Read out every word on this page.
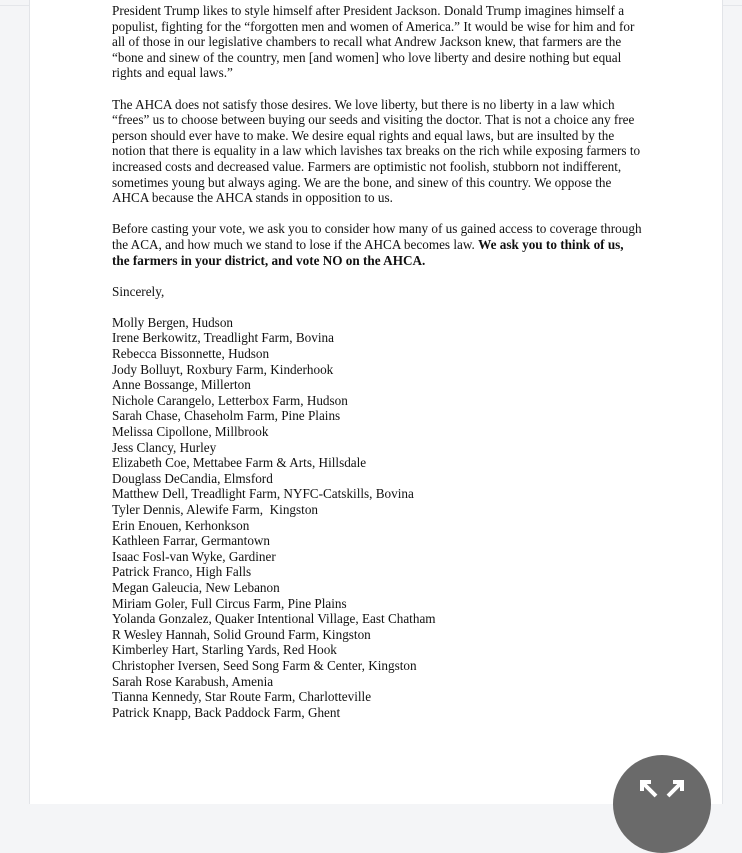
President Trump likes to style himself after President Jackson. Donald Trump imagines himself a populist, fighting for the “forgotten men and women of America.” It would be wise for him and for all of those in our legislative chambers to recall what Andrew Jackson knew, that farmers are the “bone and sinew of the country, men [and women] who love liberty and desire nothing but equal rights and equal laws.”

The AHCA does not satisfy those desires. We love liberty, but there is no liberty in a law which “frees” us to choose between buying our seeds and visiting the doctor. That is not a choice any free person should ever have to make. We desire equal rights and equal laws, but are insulted by the notion that there is equality in a law which lavishes tax breaks on the rich while exposing farmers to increased costs and decreased value. Farmers are optimistic not foolish, stubborn not indifferent, sometimes young but always aging. We are the bone, and sinew of this country. We oppose the AHCA because the AHCA stands in opposition to us.

Before casting your vote, we ask you to consider how many of us gained access to coverage through the ACA, and how much we stand to lose if the AHCA becomes law. We ask you to think of us, the farmers in your district, and vote NO on the AHCA.

Sincerely,

Molly Bergen, Hudson
Irene Berkowitz, Treadlight Farm, Bovina
Rebecca Bissonnette, Hudson
Jody Bolluyt, Roxbury Farm, Kinderhook
Anne Bossange, Millerton
Nichole Carangelo, Letterbox Farm, Hudson
Sarah Chase, Chaseholm Farm, Pine Plains
Melissa Cipollone, Millbrook
Jess Clancy, Hurley
Elizabeth Coe, Mettabee Farm & Arts, Hillsdale
Douglass DeCandia, Elmsford
Matthew Dell, Treadlight Farm, NYFC-Catskills, Bovina
Tyler Dennis, Alewife Farm,  Kingston
Erin Enouen, Kerhonkson
Kathleen Farrar, Germantown
Isaac Fosl-van Wyke, Gardiner
Patrick Franco, High Falls
Megan Galeucia, New Lebanon
Miriam Goler, Full Circus Farm, Pine Plains
Yolanda Gonzalez, Quaker Intentional Village, East Chatham
R Wesley Hannah, Solid Ground Farm, Kingston
Kimberley Hart, Starling Yards, Red Hook
Christopher Iversen, Seed Song Farm & Center, Kingston
Sarah Rose Karabush, Amenia
Tianna Kennedy, Star Route Farm, Charlotteville
Patrick Knapp, Back Paddock Farm, Ghent
